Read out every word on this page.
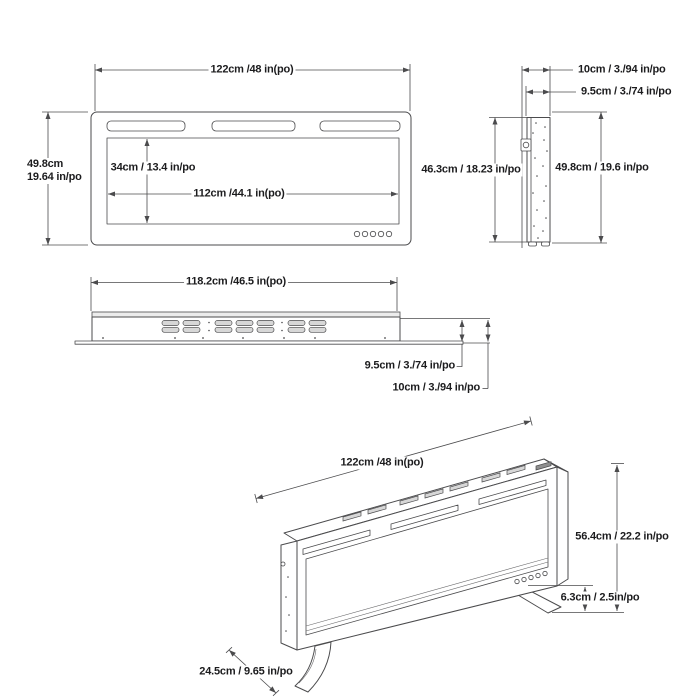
122cm /48 in(po)
49.8cm
19.64 in/po
34cm / 13.4 in/po
112cm /44.1 in(po)
10cm / 3./94 in/po
9.5cm / 3./74 in/po
46.3cm / 18.23 in/po	49.8cm / 19.6 in/po
118.2cm /46.5 in(po)
9.5cm / 3./74 in/po
10cm / 3./94 in/po
122cm /48 in(po)
56.4cm / 22.2 in/po
6.3cm / 2.5in/po
24.5cm / 9.65 in/po
